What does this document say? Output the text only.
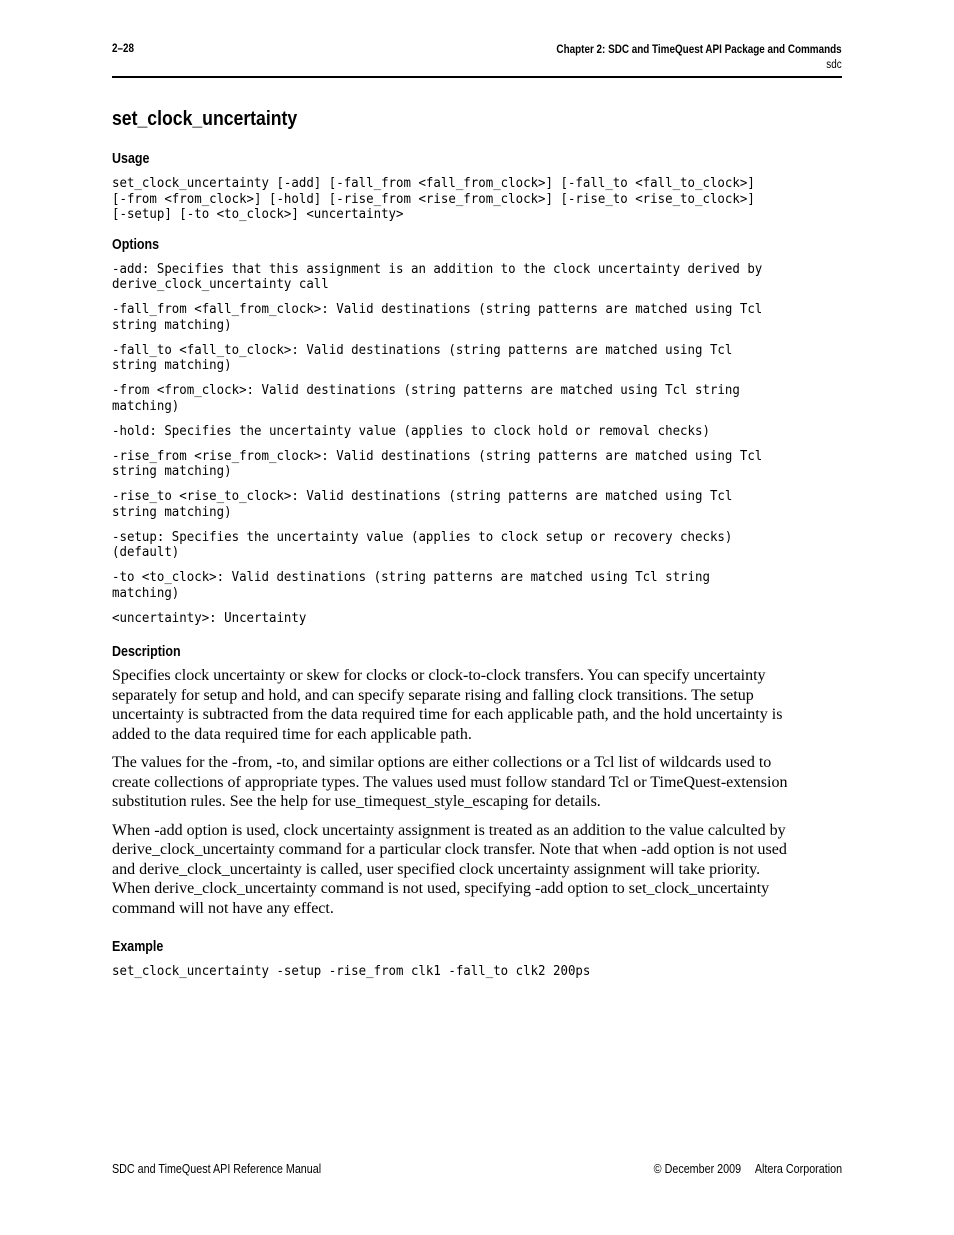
2–28	Chapter 2: SDC and TimeQuest API Package and Commands
sdc
set_clock_uncertainty
Usage
set_clock_uncertainty [-add] [-fall_from <fall_from_clock>] [-fall_to <fall_to_clock>]
[-from <from_clock>] [-hold] [-rise_from <rise_from_clock>] [-rise_to <rise_to_clock>]
[-setup] [-to <to_clock>] <uncertainty>
Options
-add: Specifies that this assignment is an addition to the clock uncertainty derived by
derive_clock_uncertainty call
-fall_from <fall_from_clock>: Valid destinations (string patterns are matched using Tcl
string matching)
-fall_to <fall_to_clock>: Valid destinations (string patterns are matched using Tcl
string matching)
-from <from_clock>: Valid destinations (string patterns are matched using Tcl string
matching)
-hold: Specifies the uncertainty value (applies to clock hold or removal checks)
-rise_from <rise_from_clock>: Valid destinations (string patterns are matched using Tcl
string matching)
-rise_to <rise_to_clock>: Valid destinations (string patterns are matched using Tcl
string matching)
-setup: Specifies the uncertainty value (applies to clock setup or recovery checks)
(default)
-to <to_clock>: Valid destinations (string patterns are matched using Tcl string
matching)
<uncertainty>: Uncertainty
Description
Specifies clock uncertainty or skew for clocks or clock-to-clock transfers. You can specify uncertainty
separately for setup and hold, and can specify separate rising and falling clock transitions. The setup
uncertainty is subtracted from the data required time for each applicable path, and the hold uncertainty is
added to the data required time for each applicable path.
The values for the -from, -to, and similar options are either collections or a Tcl list of wildcards used to
create collections of appropriate types. The values used must follow standard Tcl or TimeQuest-extension
substitution rules. See the help for use_timequest_style_escaping for details.
When -add option is used, clock uncertainty assignment is treated as an addition to the value calculted by
derive_clock_uncertainty command for a particular clock transfer. Note that when -add option is not used
and derive_clock_uncertainty is called, user specified clock uncertainty assignment will take priority.
When derive_clock_uncertainty command is not used, specifying -add option to set_clock_uncertainty
command will not have any effect.
Example
set_clock_uncertainty -setup -rise_from clk1 -fall_to clk2 200ps
SDC and TimeQuest API Reference Manual	© December 2009 Altera Corporation
